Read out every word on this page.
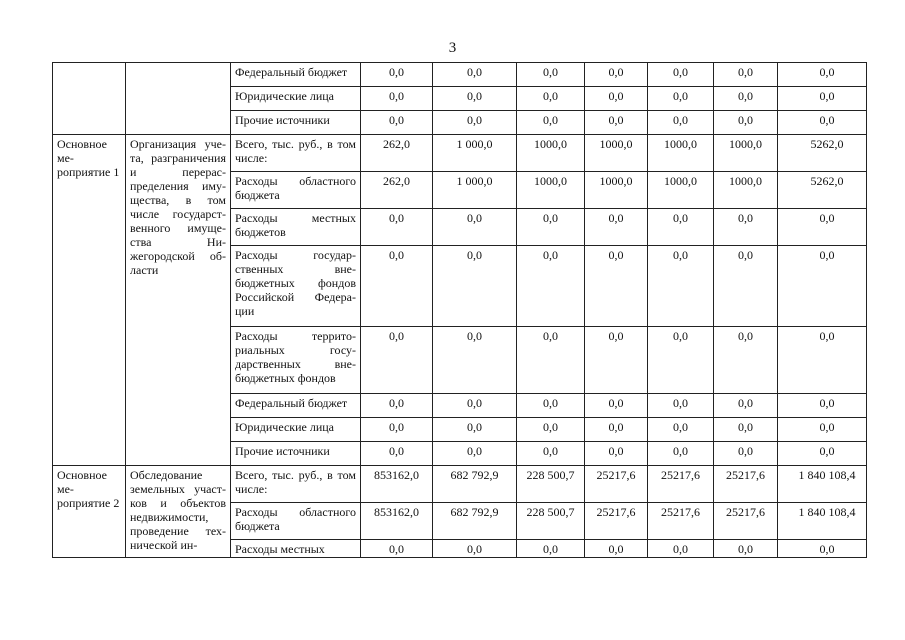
3
		Федеральный бюджет	0,0	0,0	0,0	0,0	0,0	0,0	0,0
		Юридические лица	0,0	0,0	0,0	0,0	0,0	0,0	0,0
		Прочие источники	0,0	0,0	0,0	0,0	0,0	0,0	0,0
Основное ме-роприятие 1	Организация уче-та, разграничения и перерас-пределения иму-щества, в том числе государст-венного имуще-ства Ни-жегородской об-ласти	Всего, тыс. руб., в том числе:	262,0	1 000,0	1000,0	1000,0	1000,0	1000,0	5262,0
		Расходы областного бюджета	262,0	1 000,0	1000,0	1000,0	1000,0	1000,0	5262,0
		Расходы местных бюджетов	0,0	0,0	0,0	0,0	0,0	0,0	0,0
		Расходы государ-ственных вне-бюджетных фондов Российской Федера-ции	0,0	0,0	0,0	0,0	0,0	0,0	0,0
		Расходы террито-риальных госу-дарственных вне-бюджетных фондов	0,0	0,0	0,0	0,0	0,0	0,0	0,0
		Федеральный бюджет	0,0	0,0	0,0	0,0	0,0	0,0	0,0
		Юридические лица	0,0	0,0	0,0	0,0	0,0	0,0	0,0
		Прочие источники	0,0	0,0	0,0	0,0	0,0	0,0	0,0
Основное ме-роприятие 2	Обследование земельных участ-ков и объектов недвижимости, проведение тех-нической ин-	Всего, тыс. руб., в том числе:	853162,0	682 792,9	228 500,7	25217,6	25217,6	25217,6	1 840 108,4
		Расходы областного бюджета	853162,0	682 792,9	228 500,7	25217,6	25217,6	25217,6	1 840 108,4
		Расходы местных	0,0	0,0	0,0	0,0	0,0	0,0	0,0
